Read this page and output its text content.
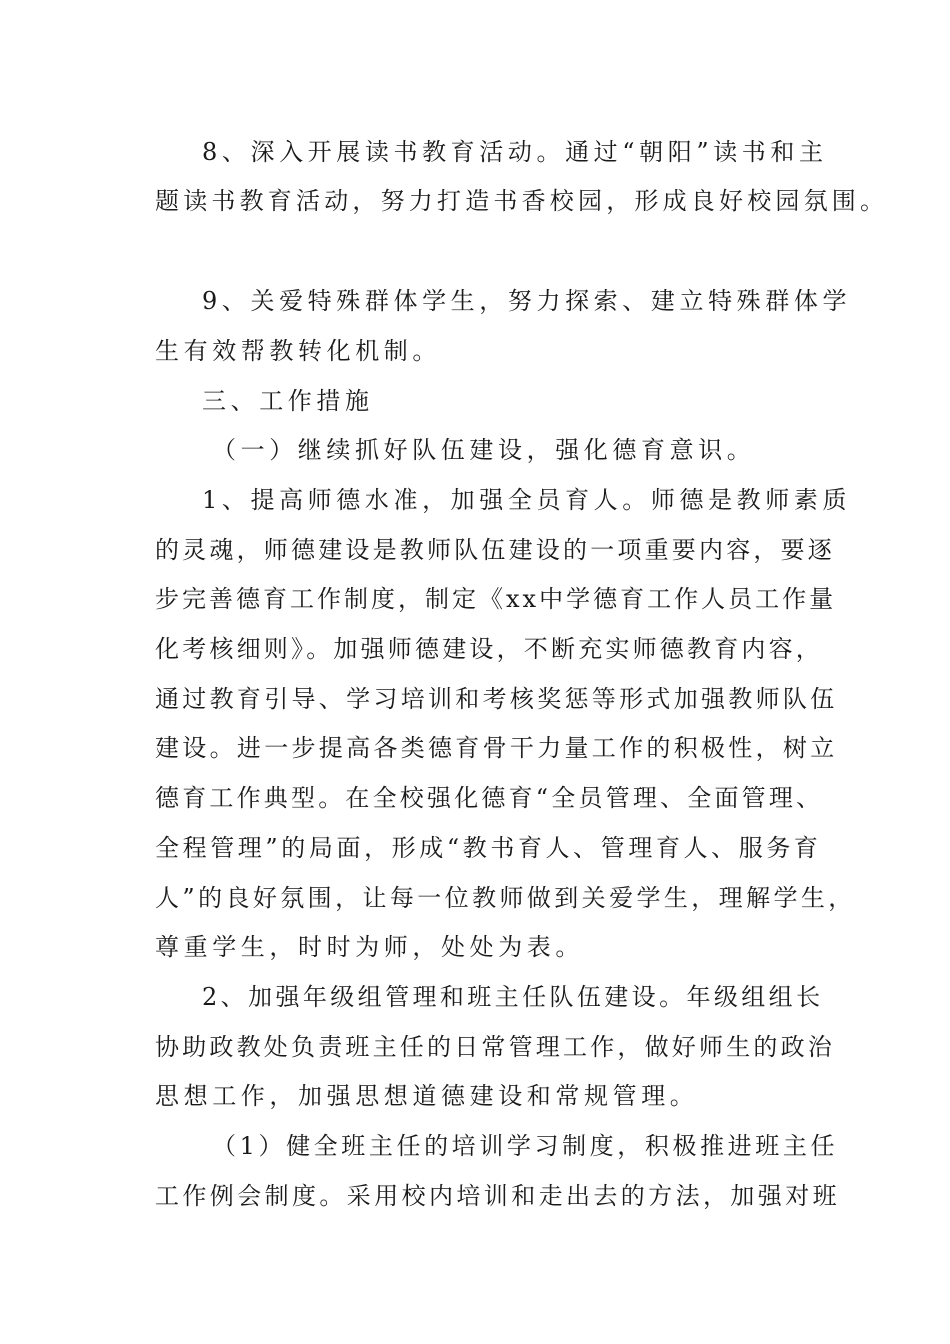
8、深入开展读书教育活动。通过“朝阳”读书和主
题读书教育活动，努力打造书香校园，形成良好校园氛围。
9、关爱特殊群体学生，努力探索、建立特殊群体学
生有效帮教转化机制。
三、工作措施
（一）继续抓好队伍建设，强化德育意识。
1、提高师德水准，加强全员育人。师德是教师素质
的灵魂，师德建设是教师队伍建设的一项重要内容，要逐
步完善德育工作制度，制定《xx中学德育工作人员工作量
化考核细则》。加强师德建设，不断充实师德教育内容，
通过教育引导、学习培训和考核奖惩等形式加强教师队伍
建设。进一步提高各类德育骨干力量工作的积极性，树立
德育工作典型。在全校强化德育“全员管理、全面管理、
全程管理”的局面，形成“教书育人、管理育人、服务育
人”的良好氛围，让每一位教师做到关爱学生，理解学生，
尊重学生，时时为师，处处为表。
2、加强年级组管理和班主任队伍建设。年级组组长
协助政教处负责班主任的日常管理工作，做好师生的政治
思想工作，加强思想道德建设和常规管理。
（1）健全班主任的培训学习制度，积极推进班主任
工作例会制度。采用校内培训和走出去的方法，加强对班
